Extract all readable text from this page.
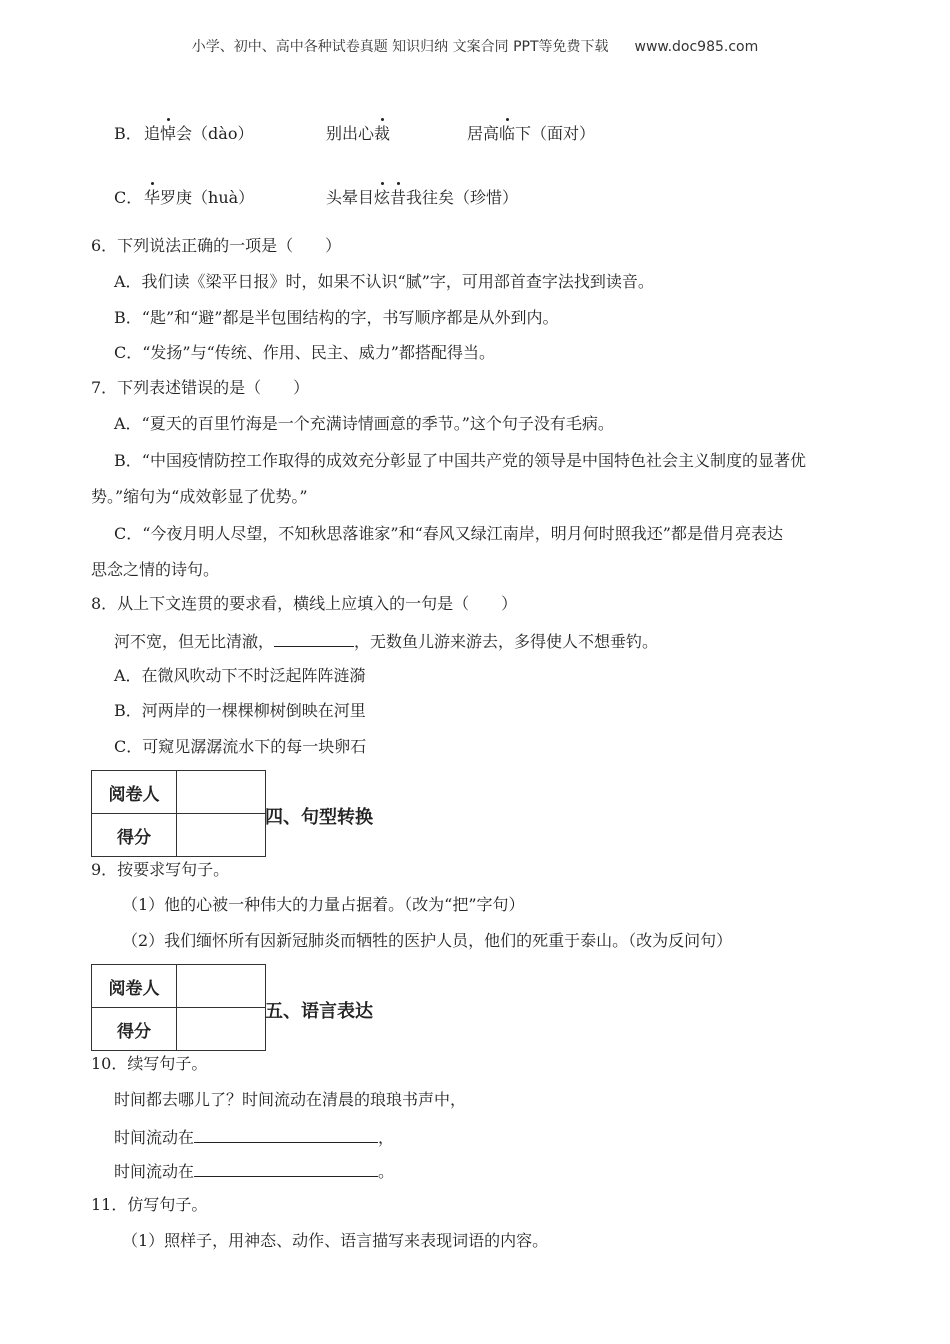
小学、初中、高中各种试卷真题 知识归纳 文案合同 PPT等免费下载 www.doc985.com
B． 追悼会（dào）	别出心裁	居高临下（面对）
C． 华罗庚（huà）	头晕目炫昔我往矣（珍惜）
6．下列说法正确的一项是（　　）
A．我们读《梁平日报》时，如果不认识“腻”字，可用部首查字法找到读音。
B．“匙”和“避”都是半包围结构的字，书写顺序都是从外到内。
C．“发扬”与“传统、作用、民主、威力”都搭配得当。
7．下列表述错误的是（　　）
A．“夏天的百里竹海是一个充满诗情画意的季节。”这个句子没有毛病。
B．“中国疫情防控工作取得的成效充分彰显了中国共产党的领导是中国特色社会主义制度的显著优
势。”缩句为“成效彰显了优势。”
C．“今夜月明人尽望，不知秋思落谁家”和“春风又绿江南岸，明月何时照我还”都是借月亮表达
思念之情的诗句。
8．从上下文连贯的要求看，横线上应填入的一句是（　　）
河不宽，但无比清澈，	，无数鱼儿游来游去，多得使人不想垂钓。
A．在微风吹动下不时泛起阵阵涟漪
B．河两岸的一棵棵柳树倒映在河里
C．可窥见潺潺流水下的每一块卵石
阅卷人	
得分	
四、句型转换
9．按要求写句子。
（1）他的心被一种伟大的力量占据着。（改为“把”字句）
（2）我们缅怀所有因新冠肺炎而牺牲的医护人员，他们的死重于泰山。（改为反问句）
阅卷人	
得分	
五、语言表达
10．续写句子。
时间都去哪儿了？时间流动在清晨的琅琅书声中，
时间流动在	，
时间流动在	。
11．仿写句子。
（1）照样子，用神态、动作、语言描写来表现词语的内容。
